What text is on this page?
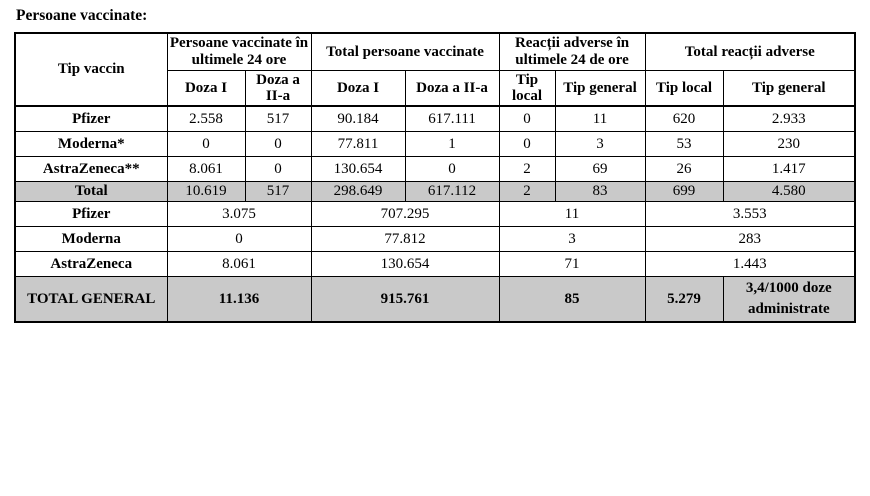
Persoane vaccinate:
Tip vaccin	Persoane vaccinate în ultimele 24 ore		Total persoane vaccinate		Reacții adverse în ultimele 24 de ore		Total reacții adverse	
	Doza I	Doza a II-a	Doza I	Doza a II-a	Tip local	Tip general	Tip local	Tip general
Pfizer	2.558	517	90.184	617.111	0	11	620	2.933
Moderna*	0	0	77.811	1	0	3	53	230
AstraZeneca**	8.061	0	130.654	0	2	69	26	1.417
Total	10.619	517	298.649	617.112	2	83	699	4.580
Pfizer	3.075		707.295		11		3.553	
Moderna	0		77.812		3		283	
AstraZeneca	8.061		130.654		71		1.443	
TOTAL GENERAL	11.136		915.761		85		5.279	3,4/1000 doze administrate
